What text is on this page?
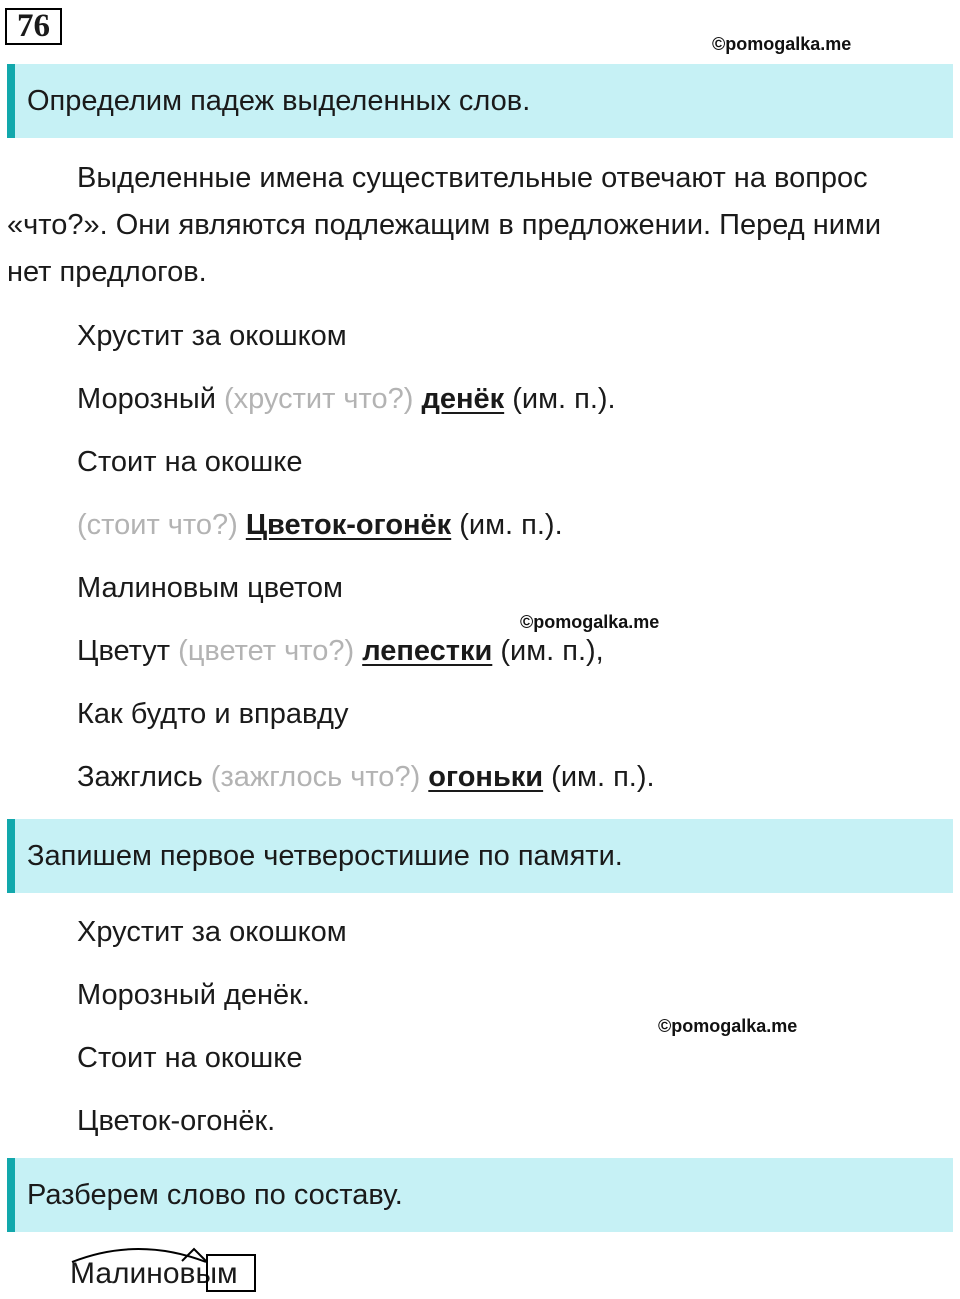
76	©pomogalka.me
Определим падеж выделенных слов.

Выделенные имена существительные отвечают на вопрос «что?». Они являются подлежащим в предложении. Перед ними нет предлогов.

Хрустит за окошком
Морозный (хрустит что?) денёк (им. п.).
Стоит на окошке
(стоит что?) Цветок-огонёк (им. п.).
Малиновым цветом
©pomogalka.me
Цветут (цветет что?) лепестки (им. п.),
Как будто и вправду
Зажглись (зажглось что?) огоньки (им. п.).
Запишем первое четверостишие по памяти.
Хрустит за окошком
Морозный денёк.
©pomogalka.me
Стоит на окошке
Цветок-огонёк.
Разберем слово по составу.
Малиновым
